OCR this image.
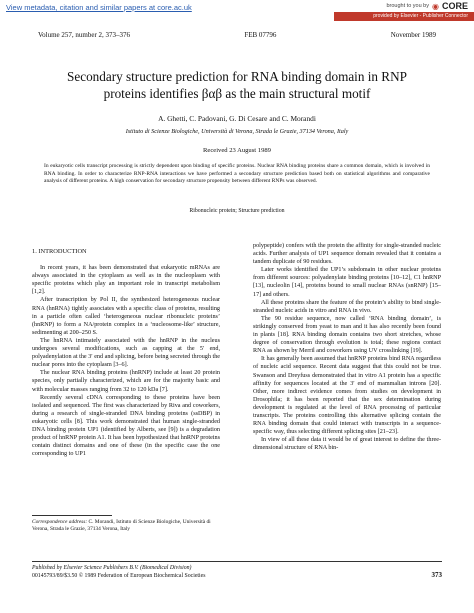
View metadata, citation and similar papers at core.ac.uk	brought to you by ◉ CORE
provided by Elsevier - Publisher Connector
Volume 257, number 2, 373–376	FEB 07796	November 1989
Secondary structure prediction for RNA binding domain in RNP
proteins identifies βαβ as the main structural motif
A. Ghetti, C. Padovani, G. Di Cesare and C. Morandi
Istituto di Scienze Biologiche, Università di Verona, Strada le Grazie, 37134 Verona, Italy
Received 23 August 1989
In eukaryotic cells transcript processing is strictly dependent upon binding of specific proteins. Nuclear RNA binding proteins share a common domain, which is involved in RNA binding. In order to characterize RNP-RNA interactions we have performed a secondary structure prediction based both on statistical algorithms and comparative analysis of different proteins. A high conservation for secondary structure propensity between different RNPs was observed.
Ribonucleic protein; Structure prediction
1. INTRODUCTION

In recent years, it has been demonstrated that eukaryotic mRNAs are always associated in the cytoplasm as well as in the nucleoplasm with specific proteins which play an important role in transcript metabolism [1,2].

After transcription by Pol II, the synthesized heterogeneous nuclear RNA (hnRNA) tightly associates with a specific class of proteins, resulting in a particle often called ‘heterogeneous nuclear ribonucleic proteins’ (hnRNP) to form a NA/protein complex in a ‘nucleosome-like’ structure, sedimenting at 200–250 S.

The hnRNA intimately associated with the hnRNP in the nucleus undergoes several modifications, such as capping at the 5′ end, polyadenylation at the 3′ end and splicing, before being secreted through the nuclear pores into the cytoplasm [3–6].

The nuclear RNA binding proteins (hnRNP) include at least 20 protein species, only partially characterized, which are for the majority basic and with molecular masses ranging from 32 to 120 kDa [7].

Recently several cDNA corresponding to these proteins have been isolated and sequenced. The first was characterized by Riva and coworkers, during a research of single-stranded DNA binding proteins (ssDBP) in eukaryotic cells [8]. This work demonstrated that human single-stranded DNA binding protein UP1 (identified by Alberts, see [9]) is a degradation product of hnRNP protein A1. It has been hypothesized that hnRNP proteins contain distinct domains and one of these (in the specific case the one corresponding to UP1

polypeptide) confers with the protein the affinity for single-stranded nucleic acids. Further analysis of UP1 sequence domain revealed that it contains a tandem duplicate of 90 residues.

Later works identified the UP1’s subdomain in other nuclear proteins from different sources: polyadenylate binding proteins [10–12], C1 hnRNP [13], nucleolin [14], proteins bound to small nuclear RNAs (snRNP) [15–17] and others.

All these proteins share the feature of the protein’s ability to bind single-stranded nucleic acids in vitro and RNA in vivo.

The 90 residue sequence, now called ‘RNA binding domain’, is strikingly conserved from yeast to man and it has also recently been found in plants [18]. RNA binding domain contains two short stretches, whose degree of conservation through evolution is total; these regions contact RNA as shown by Merril and coworkers using UV crosslinking [19].

It has generally been assumed that hnRNP proteins bind RNA regardless of nucleic acid sequence. Recent data suggest that this could not be true. Swanson and Dreyfuss demonstrated that in vitro A1 protein has a specific affinity for sequences located at the 3′ end of mammalian introns [20]. Other, more indirect evidence comes from studies on development in Drosophila; it has been reported that the sex determination during development is regulated at the level of RNA processing of particular transcripts. The proteins controlling this alternative splicing contain the RNA binding domain that could interact with transcripts in a sequence-specific way, thus selecting different splicing sites [21–23].

In view of all these data it would be of great interest to define the three-dimensional structure of RNA bin-

Correspondence address: C. Morandi, Istituto di Scienze Biologiche, Università di Verona, Strada le Grazie, 37134 Verona, Italy
Published by Elsevier Science Publishers B.V. (Biomedical Division)
00145793/89/$3.50 © 1989 Federation of European Biochemical Societies	373
